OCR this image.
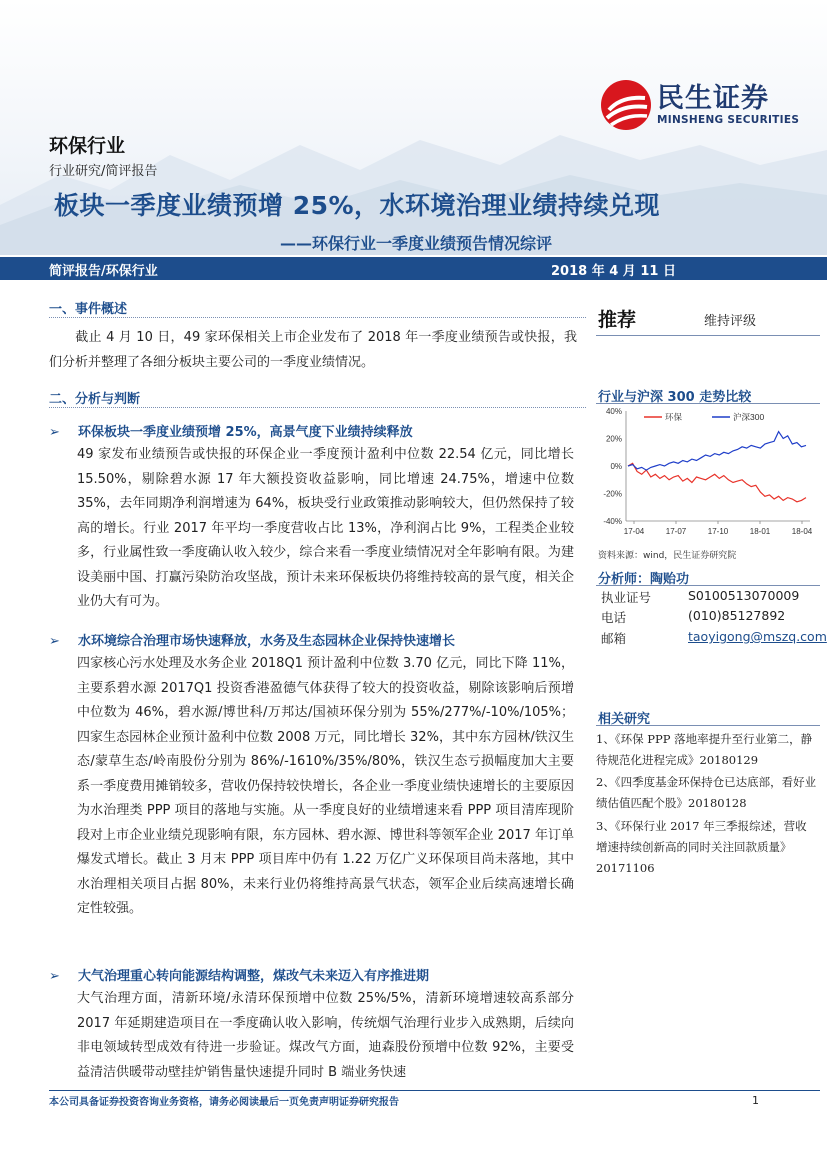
民生证券
MINSHENG SECURITIES
环保行业
行业研究/简评报告
板块一季度业绩预增 25%，水环境治理业绩持续兑现
——环保行业一季度业绩预告情况综评
简评报告/环保行业	2018 年 4 月 11 日
一、事件概述
截止 4 月 10 日，49 家环保相关上市企业发布了 2018 年一季度业绩预告或快报，我们分析并整理了各细分板块主要公司的一季度业绩情况。
二、分析与判断
➢ 环保板块一季度业绩预增 25%，高景气度下业绩持续释放
49 家发布业绩预告或快报的环保企业一季度预计盈利中位数 22.54 亿元，同比增长 15.50%，剔除碧水源 17 年大额投资收益影响，同比增速 24.75%，增速中位数 35%，去年同期净利润增速为 64%，板块受行业政策推动影响较大，但仍然保持了较高的增长。行业 2017 年平均一季度营收占比 13%，净利润占比 9%，工程类企业较多，行业属性致一季度确认收入较少，综合来看一季度业绩情况对全年影响有限。为建设美丽中国、打赢污染防治攻坚战，预计未来环保板块仍将维持较高的景气度，相关企业仍大有可为。
➢ 水环境综合治理市场快速释放，水务及生态园林企业保持快速增长
四家核心污水处理及水务企业 2018Q1 预计盈利中位数 3.70 亿元，同比下降 11%，主要系碧水源 2017Q1 投资香港盈德气体获得了较大的投资收益，剔除该影响后预增中位数为 46%，碧水源/博世科/万邦达/国祯环保分别为 55%/277%/-10%/105%；四家生态园林企业预计盈利中位数 2008 万元，同比增长 32%，其中东方园林/铁汉生态/蒙草生态/岭南股份分别为 86%/-1610%/35%/80%，铁汉生态亏损幅度加大主要系一季度费用摊销较多，营收仍保持较快增长，各企业一季度业绩快速增长的主要原因为水治理类 PPP 项目的落地与实施。从一季度良好的业绩增速来看 PPP 项目清库现阶段对上市企业业绩兑现影响有限，东方园林、碧水源、博世科等领军企业 2017 年订单爆发式增长。截止 3 月末 PPP 项目库中仍有 1.22 万亿广义环保项目尚未落地，其中水治理相关项目占据 80%，未来行业仍将维持高景气状态，领军企业后续高速增长确定性较强。
➢ 大气治理重心转向能源结构调整，煤改气未来迈入有序推进期
大气治理方面，清新环境/永清环保预增中位数 25%/5%，清新环境增速较高系部分 2017 年延期建造项目在一季度确认收入影响，传统烟气治理行业步入成熟期，后续向非电领域转型成效有待进一步验证。煤改气方面，迪森股份预增中位数 92%，主要受益清洁供暖带动壁挂炉销售量快速提升同时 B 端业务快速
推荐	维持评级
行业与沪深 300 走势比较
40%
20%
0%
-20%
-40%
17-04	17-07	17-10	18-01	18-04
环保	沪深300
资料来源：wind，民生证券研究院
分析师：陶贻功
执业证号	S0100513070009
电话	(010)85127892
邮箱	taoyigong@mszq.com
相关研究
1、《环保 PPP 落地率提升至行业第二，静待规范化进程完成》20180129
2、《四季度基金环保持仓已达底部，看好业绩估值匹配个股》20180128
3、《环保行业 2017 年三季报综述，营收增速持续创新高的同时关注回款质量》20171106
本公司具备证券投资咨询业务资格，请务必阅读最后一页免责声明证券研究报告	1
